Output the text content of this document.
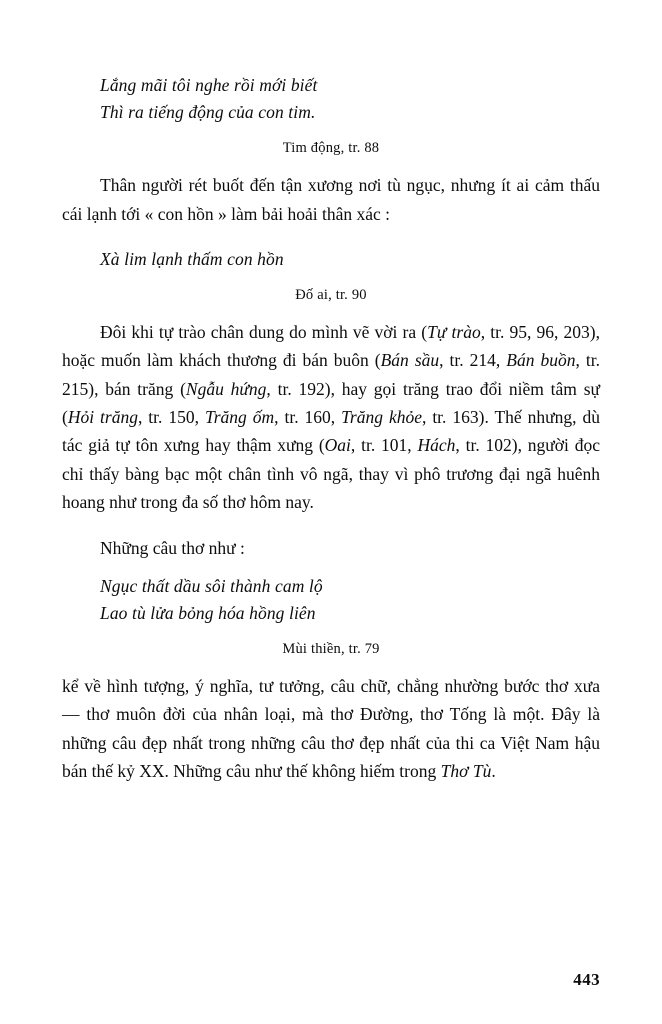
Lắng mãi tôi nghe rồi mới biết
Thì ra tiếng động của con tim.
Tim động, tr. 88

Thân người rét buốt đến tận xương nơi tù ngục, nhưng ít ai cảm thấu cái lạnh tới « con hồn » làm bải hoải thân xác :

Xà lim lạnh thấm con hồn
Đố ai, tr. 90

Đôi khi tự trào chân dung do mình vẽ vời ra (Tự trào, tr. 95, 96, 203), hoặc muốn làm khách thương đi bán buôn (Bán sầu, tr. 214, Bán buồn, tr. 215), bán trăng (Ngẫu hứng, tr. 192), hay gọi trăng trao đổi niềm tâm sự (Hỏi trăng, tr. 150, Trăng ốm, tr. 160, Trăng khỏe, tr. 163). Thế nhưng, dù tác giả tự tôn xưng hay thậm xưng (Oai, tr. 101, Hách, tr. 102), người đọc chỉ thấy bàng bạc một chân tình vô ngã, thay vì phô trương đại ngã huênh hoang như trong đa số thơ hôm nay.

Những câu thơ như :

Ngục thất dầu sôi thành cam lộ
Lao tù lửa bỏng hóa hồng liên
Mùi thiền, tr. 79

kể về hình tượng, ý nghĩa, tư tưởng, câu chữ, chẳng nhường bước thơ xưa — thơ muôn đời của nhân loại, mà thơ Đường, thơ Tống là một. Đây là những câu đẹp nhất trong những câu thơ đẹp nhất của thi ca Việt Nam hậu bán thế kỷ XX. Những câu như thế không hiếm trong Thơ Tù.

443
